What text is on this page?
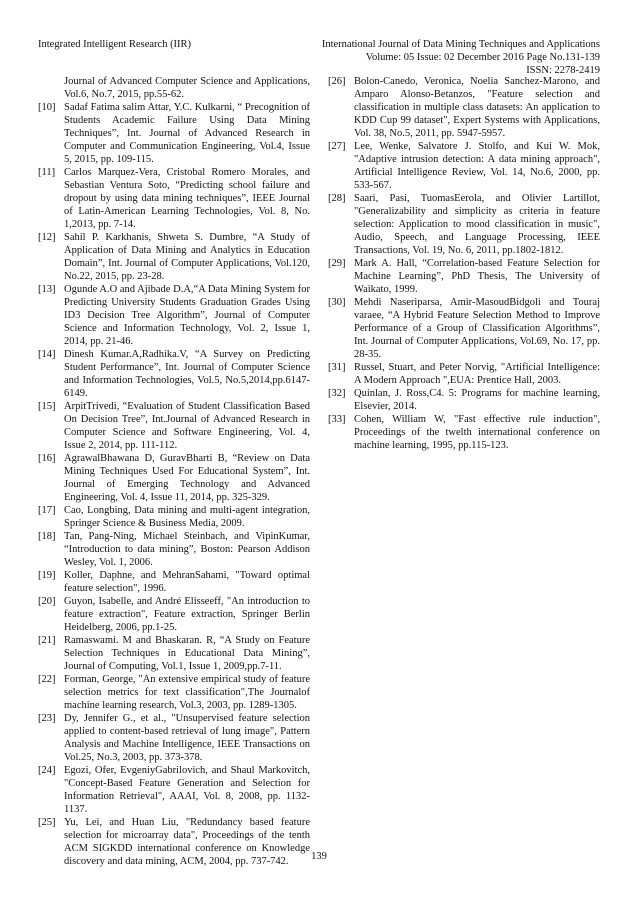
Integrated Intelligent Research (IIR)	International Journal of Data Mining Techniques and Applications
Volume: 05 Issue: 02 December 2016 Page No.131-139
ISSN: 2278-2419
Journal of Advanced Computer Science and Applications, Vol.6, No.7, 2015, pp.55-62.
[10] Sadaf Fatima salim Attar, Y.C. Kulkarni, “ Precognition of Students Academic Failure Using Data Mining Techniques”, Int. Journal of Advanced Research in Computer and Communication Engineering, Vol.4, Issue 5, 2015, pp. 109-115.
[11] Carlos Marquez-Vera, Cristobal Romero Morales, and Sebastian Ventura Soto, “Predicting school failure and dropout by using data mining techniques”, IEEE Journal of Latin-American Learning Technologies, Vol. 8, No. 1,2013, pp. 7-14.
[12] Sahil P. Karkhanis, Shweta S. Dumbre, “A Study of Application of Data Mining and Analytics in Education Domain”, Int. Journal of Computer Applications, Vol.120, No.22, 2015, pp. 23-28.
[13] Ogunde A.O and Ajibade D.A,“A Data Mining System for Predicting University Students Graduation Grades Using ID3 Decision Tree Algorithm”, Journal of Computer Science and Information Technology, Vol. 2, Issue 1, 2014, pp. 21-46.
[14] Dinesh Kumar.A,Radhika.V, “A Survey on Predicting Student Performance”, Int. Journal of Computer Science and Information Technologies, Vol.5, No.5,2014,pp.6147-6149.
[15] ArpitTrivedi, “Evaluation of Student Classification Based On Decision Tree”, Int.Journal of Advanced Research in Computer Science and Software Engineering, Vol. 4, Issue 2, 2014, pp. 111-112.
[16] AgrawalBhawana D, GuravBharti B, “Review on Data Mining Techniques Used For Educational System”, Int. Journal of Emerging Technology and Advanced Engineering, Vol. 4, Issue 11, 2014, pp. 325-329.
[17] Cao, Longbing, Data mining and multi-agent integration, Springer Science & Business Media, 2009.
[18] Tan, Pang-Ning, Michael Steinbach, and VipinKumar, “Introduction to data mining”, Boston: Pearson Addison Wesley, Vol. 1, 2006.
[19] Koller, Daphne, and MehranSahami, "Toward optimal feature selection", 1996.
[20] Guyon, Isabelle, and André Elisseeff, "An introduction to feature extraction", Feature extraction, Springer Berlin Heidelberg, 2006, pp.1-25.
[21] Ramaswami. M and Bhaskaran. R, “A Study on Feature Selection Techniques in Educational Data Mining”, Journal of Computing, Vol.1, Issue 1, 2009,pp.7-11.
[22] Forman, George, "An extensive empirical study of feature selection metrics for text classification",The Journalof machine learning research, Vol.3, 2003, pp. 1289-1305.
[23] Dy, Jennifer G., et al., "Unsupervised feature selection applied to content-based retrieval of lung image", Pattern Analysis and Machine Intelligence, IEEE Transactions on Vol.25, No.3, 2003, pp. 373-378.
[24] Egozi, Ofer, EvgeniyGabrilovich, and Shaul Markovitch, "Concept-Based Feature Generation and Selection for Information Retrieval", AAAI, Vol. 8, 2008, pp. 1132-1137.
[25] Yu, Lei, and Huan Liu, "Redundancy based feature selection for microarray data", Proceedings of the tenth ACM SIGKDD international conference on Knowledge discovery and data mining, ACM, 2004, pp. 737-742.
[26] Bolon-Canedo, Veronica, Noelia Sanchez-Marono, and Amparo Alonso-Betanzos, "Feature selection and classification in multiple class datasets: An application to KDD Cup 99 dataset", Expert Systems with Applications, Vol. 38, No.5, 2011, pp. 5947-5957.
[27] Lee, Wenke, Salvatore J. Stolfo, and Kui W. Mok, "Adaptive intrusion detection: A data mining approach", Artificial Intelligence Review, Vol. 14, No.6, 2000, pp. 533-567.
[28] Saari, Pasi, TuomasEerola, and Olivier Lartillot, "Generalizability and simplicity as criteria in feature selection: Application to mood classification in music", Audio, Speech, and Language Processing, IEEE Transactions, Vol. 19, No. 6, 2011, pp.1802-1812.
[29] Mark A. Hall, “Correlation-based Feature Selection for Machine Learning”, PhD Thesis, The University of Waikato, 1999.
[30] Mehdi Naseriparsa, Amir-MasoudBidgoli and Touraj varaee, “A Hybrid Feature Selection Method to Improve Performance of a Group of Classification Algorithms”, Int. Journal of Computer Applications, Vol.69, No. 17, pp. 28-35.
[31] Russel, Stuart, and Peter Norvig, "Artificial Intelligence: A Modern Approach ",EUA: Prentice Hall, 2003.
[32] Quinlan, J. Ross,C4. 5: Programs for machine learning, Elsevier, 2014.
[33] Cohen, William W, "Fast effective rule induction", Proceedings of the twelth international conference on machine learning, 1995, pp.115-123.
139
